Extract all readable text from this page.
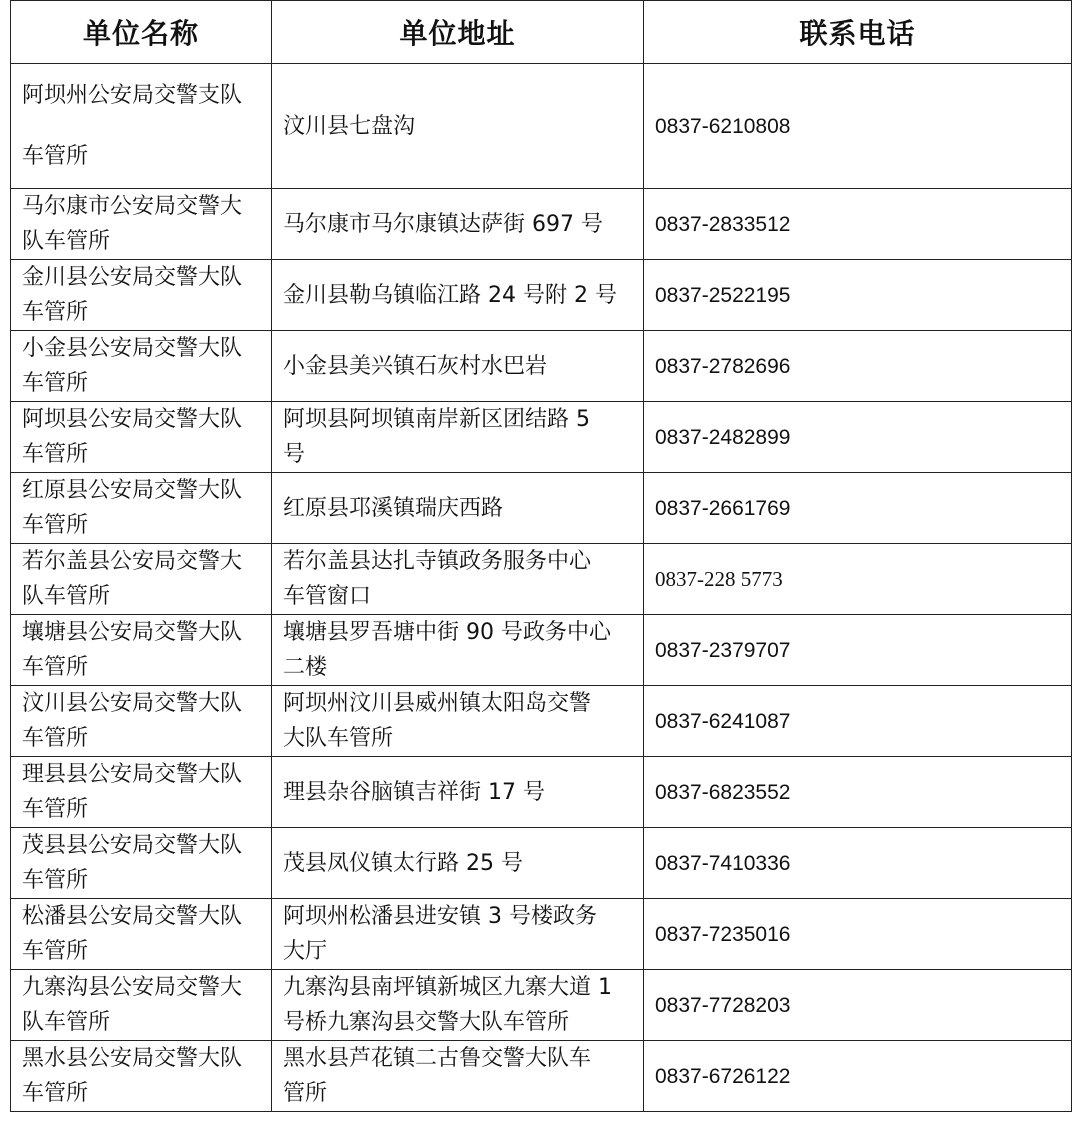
单位名称	单位地址	联系电话

阿坝州公安局交警支队
车管所	汶川县七盘沟	0837-6210808

马尔康市公安局交警大
队车管所	马尔康市马尔康镇达萨街 697 号	0837-2833512

金川县公安局交警大队
车管所	金川县勒乌镇临江路 24 号附 2 号	0837-2522195

小金县公安局交警大队
车管所	小金县美兴镇石灰村水巴岩	0837-2782696

阿坝县公安局交警大队
车管所	阿坝县阿坝镇南岸新区团结路 5
号	0837-2482899

红原县公安局交警大队
车管所	红原县邛溪镇瑞庆西路	0837-2661769

若尔盖县公安局交警大
队车管所	若尔盖县达扎寺镇政务服务中心
车管窗口	0837-228 5773

壤塘县公安局交警大队
车管所	壤塘县罗吾塘中街 90 号政务中心
二楼	0837-2379707

汶川县公安局交警大队
车管所	阿坝州汶川县威州镇太阳岛交警
大队车管所	0837-6241087

理县县公安局交警大队
车管所	理县杂谷脑镇吉祥街 17 号	0837-6823552

茂县县公安局交警大队
车管所	茂县凤仪镇太行路 25 号	0837-7410336

松潘县公安局交警大队
车管所	阿坝州松潘县进安镇 3 号楼政务
大厅	0837-7235016

九寨沟县公安局交警大
队车管所	九寨沟县南坪镇新城区九寨大道 1
号桥九寨沟县交警大队车管所	0837-7728203

黑水县公安局交警大队
车管所	黑水县芦花镇二古鲁交警大队车
管所	0837-6726122
